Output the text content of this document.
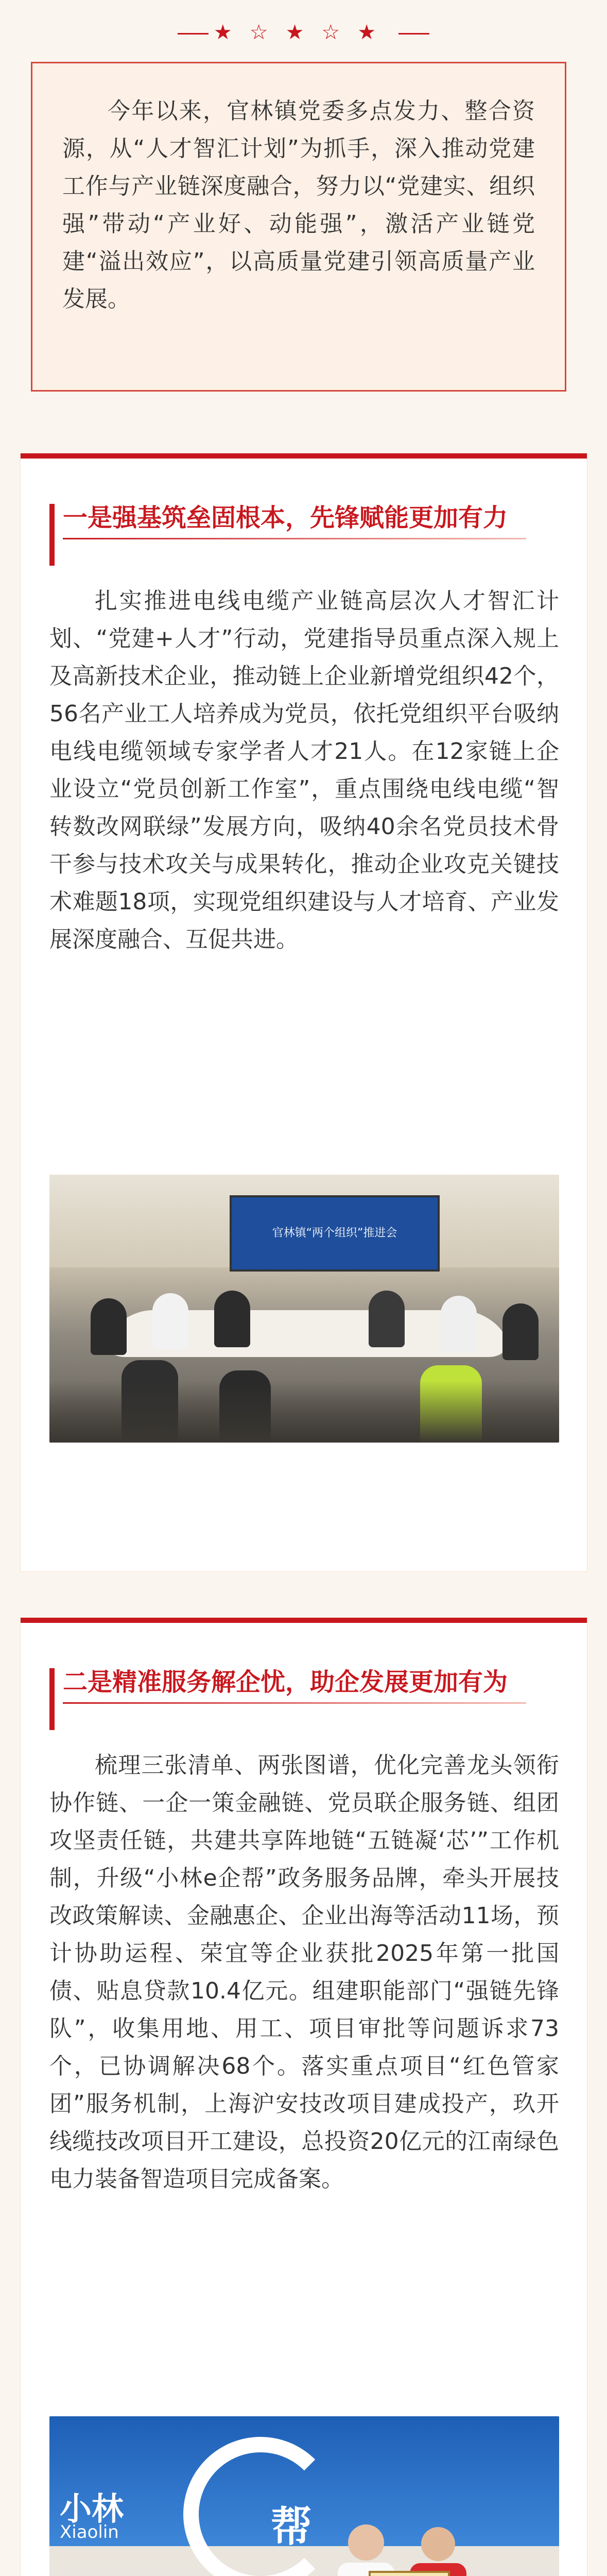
★☆★☆★

今年以来，官林镇党委多点发力、整合资源，从“人才智汇计划”为抓手，深入推动党建工作与产业链深度融合，努力以“党建实、组织强”带动“产业好、动能强”，激活产业链党建“溢出效应”，以高质量党建引领高质量产业发展。

一是强基筑垒固根本，先锋赋能更加有力

扎实推进电线电缆产业链高层次人才智汇计划、“党建+人才”行动，党建指导员重点深入规上及高新技术企业，推动链上企业新增党组织42个，56名产业工人培养成为党员，依托党组织平台吸纳电线电缆领域专家学者人才21人。在12家链上企业设立“党员创新工作室”，重点围绕电线电缆“智转数改网联绿”发展方向，吸纳40余名党员技术骨干参与技术攻关与成果转化，推动企业攻克关键技术难题18项，实现党组织建设与人才培育、产业发展深度融合、互促共进。

官林镇“两个组织”推进会
二是精准服务解企忧，助企发展更加有为

梳理三张清单、两张图谱，优化完善龙头领衔协作链、一企一策金融链、党员联企服务链、组团攻坚责任链，共建共享阵地链“五链凝‘芯’”工作机制，升级“小林e企帮”政务服务品牌，牵头开展技改政策解读、金融惠企、企业出海等活动11场，预计协助运程、荣宜等企业获批2025年第一批国债、贴息贷款10.4亿元。组建职能部门“强链先锋队”，收集用地、用工、项目审批等问题诉求73个，已协调解决68个。落实重点项目“红色管家团”服务机制，上海沪安技改项目建成投产，玖开线缆技改项目开工建设，总投资20亿元的江南绿色电力装备智造项目完成备案。

小林
Xiaolin	帮
